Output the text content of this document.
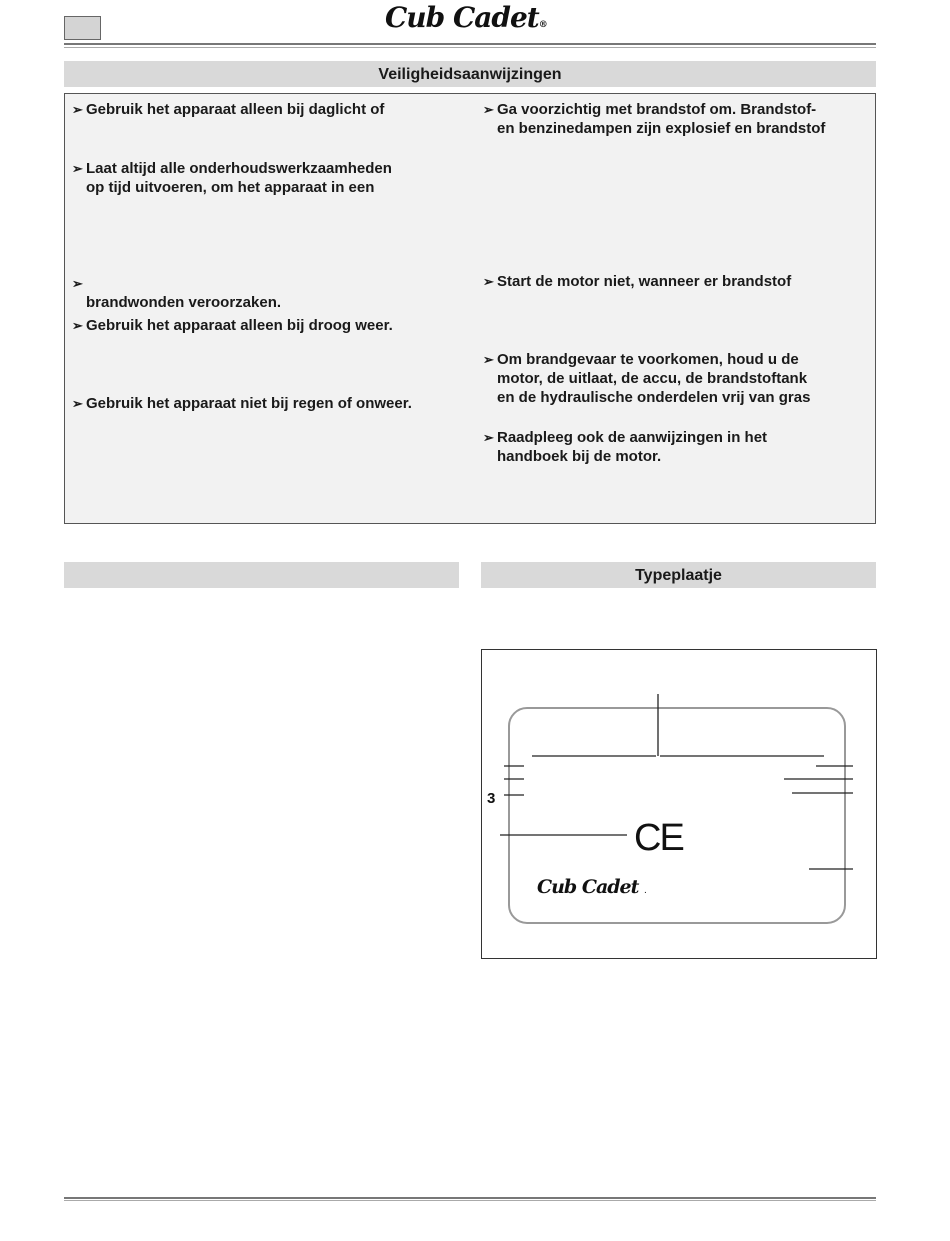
Cub Cadet®
Veiligheidsaanwijzingen
➢ Gebruik het apparaat alleen bij daglicht of
➢ Laat altijd alle onderhoudswerkzaamheden
op tijd uitvoeren, om het apparaat in een
➢

brandwonden veroorzaken.
➢ Gebruik het apparaat alleen bij droog weer.
➢ Gebruik het apparaat niet bij regen of onweer.
➢ Ga voorzichtig met brandstof om. Brandstof-
en benzinedampen zijn explosief en brandstof
➢ Start de motor niet, wanneer er brandstof
➢ Om brandgevaar te voorkomen, houd u de
motor, de uitlaat, de accu, de brandstoftank
en de hydraulische onderdelen vrij van gras
➢ Raadpleeg ook de aanwijzingen in het
handboek bij de motor.
Typeplaatje
3
CE
Cub Cadet .
